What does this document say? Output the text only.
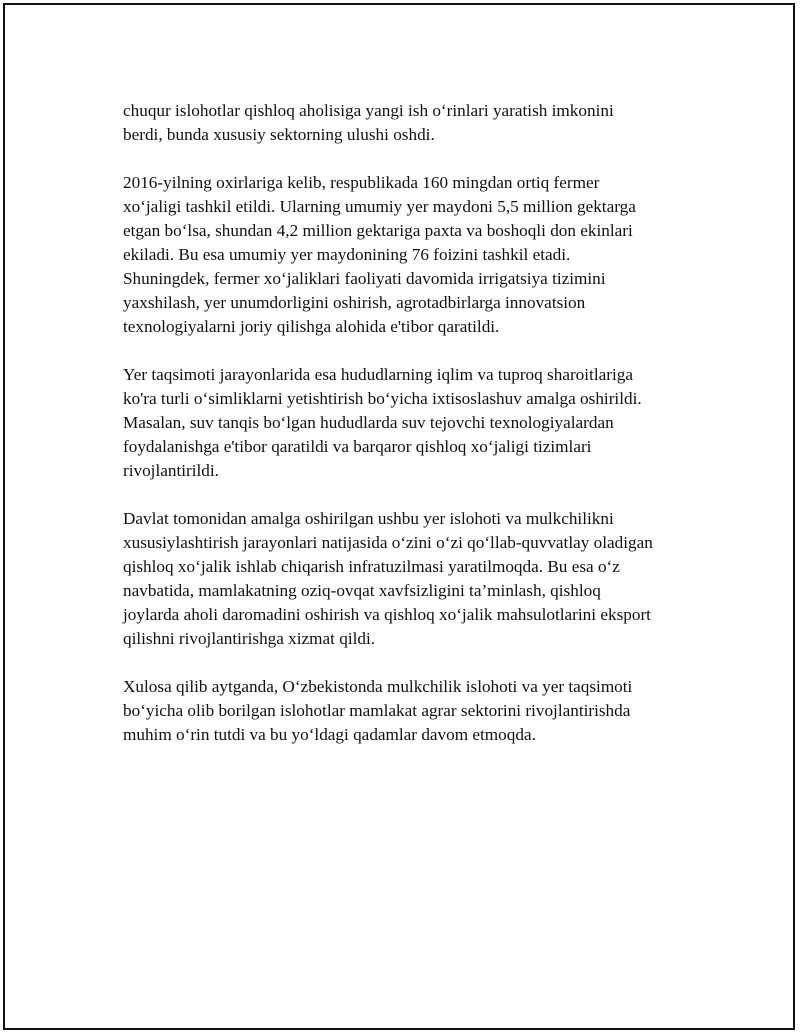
chuqur islohotlar qishloq aholisiga yangi ish o‘rinlari yaratish imkonini
berdi, bunda xususiy sektorning ulushi oshdi.

2016-yilning oxirlariga kelib, respublikada 160 mingdan ortiq fermer
xo‘jaligi tashkil etildi. Ularning umumiy yer maydoni 5,5 million gektarga
etgan bo‘lsa, shundan 4,2 million gektariga paxta va boshoqli don ekinlari
ekiladi. Bu esa umumiy yer maydonining 76 foizini tashkil etadi.
Shuningdek, fermer xo‘jaliklari faoliyati davomida irrigatsiya tizimini
yaxshilash, yer unumdorligini oshirish, agrotadbirlarga innovatsion
texnologiyalarni joriy qilishga alohida e'tibor qaratildi.

Yer taqsimoti jarayonlarida esa hududlarning iqlim va tuproq sharoitlariga
ko'ra turli o‘simliklarni yetishtirish bo‘yicha ixtisoslashuv amalga oshirildi.
Masalan, suv tanqis bo‘lgan hududlarda suv tejovchi texnologiyalardan
foydalanishga e'tibor qaratildi va barqaror qishloq xo‘jaligi tizimlari
rivojlantirildi.

Davlat tomonidan amalga oshirilgan ushbu yer islohoti va mulkchilikni
xususiylashtirish jarayonlari natijasida o‘zini o‘zi qo‘llab-quvvatlay oladigan
qishloq xo‘jalik ishlab chiqarish infratuzilmasi yaratilmoqda. Bu esa o‘z
navbatida, mamlakatning oziq-ovqat xavfsizligini ta’minlash, qishloq
joylarda aholi daromadini oshirish va qishloq xo‘jalik mahsulotlarini eksport
qilishni rivojlantirishga xizmat qildi.

Xulosa qilib aytganda, O‘zbekistonda mulkchilik islohoti va yer taqsimoti
bo‘yicha olib borilgan islohotlar mamlakat agrar sektorini rivojlantirishda
muhim o‘rin tutdi va bu yo‘ldagi qadamlar davom etmoqda.
